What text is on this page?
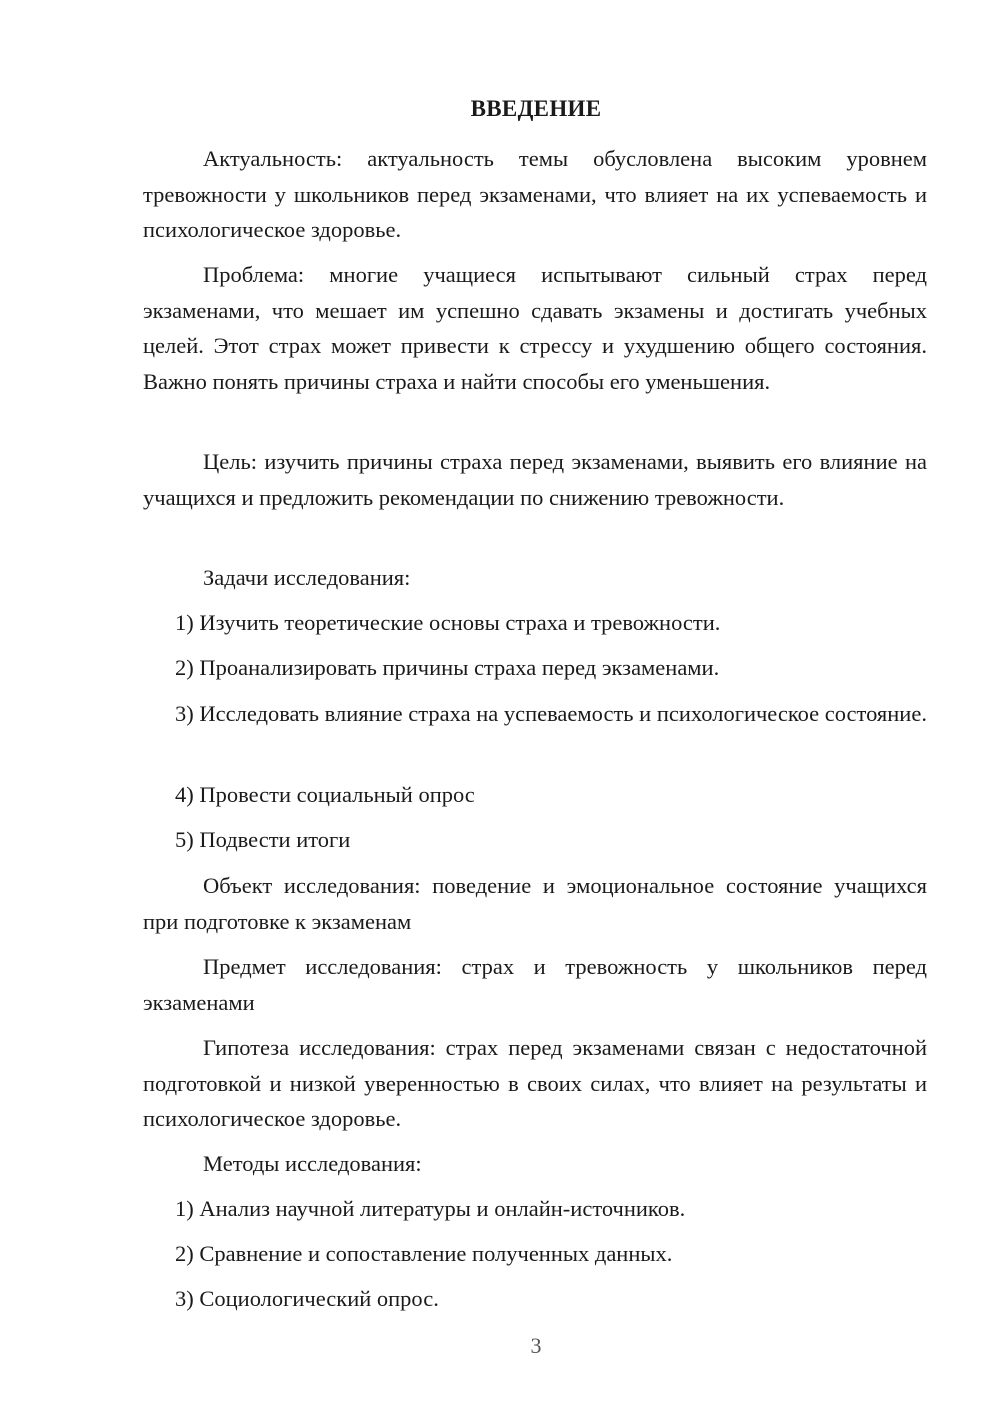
ВВЕДЕНИЕ
Актуальность: актуальность темы обусловлена высоким уровнем тревожности у школьников перед экзаменами, что влияет на их успеваемость и психологическое здоровье.
Проблема: многие учащиеся испытывают сильный страх перед экзаменами, что мешает им успешно сдавать экзамены и достигать учебных целей. Этот страх может привести к стрессу и ухудшению общего состояния. Важно понять причины страха и найти способы его уменьшения.
Цель: изучить причины страха перед экзаменами, выявить его влияние на учащихся и предложить рекомендации по снижению тревожности.
Задачи исследования:
1) Изучить теоретические основы страха и тревожности.
2) Проанализировать причины страха перед экзаменами.
3) Исследовать влияние страха на успеваемость и психологическое состояние.
4) Провести социальный опрос
5) Подвести итоги
Объект исследования: поведение и эмоциональное состояние учащихся при подготовке к экзаменам
Предмет исследования: страх и тревожность у школьников перед экзаменами
Гипотеза исследования: страх перед экзаменами связан с недостаточной подготовкой и низкой уверенностью в своих силах, что влияет на результаты и психологическое здоровье.
Методы исследования:
1) Анализ научной литературы и онлайн-источников.
2) Сравнение и сопоставление полученных данных.
3) Социологический опрос.
3
